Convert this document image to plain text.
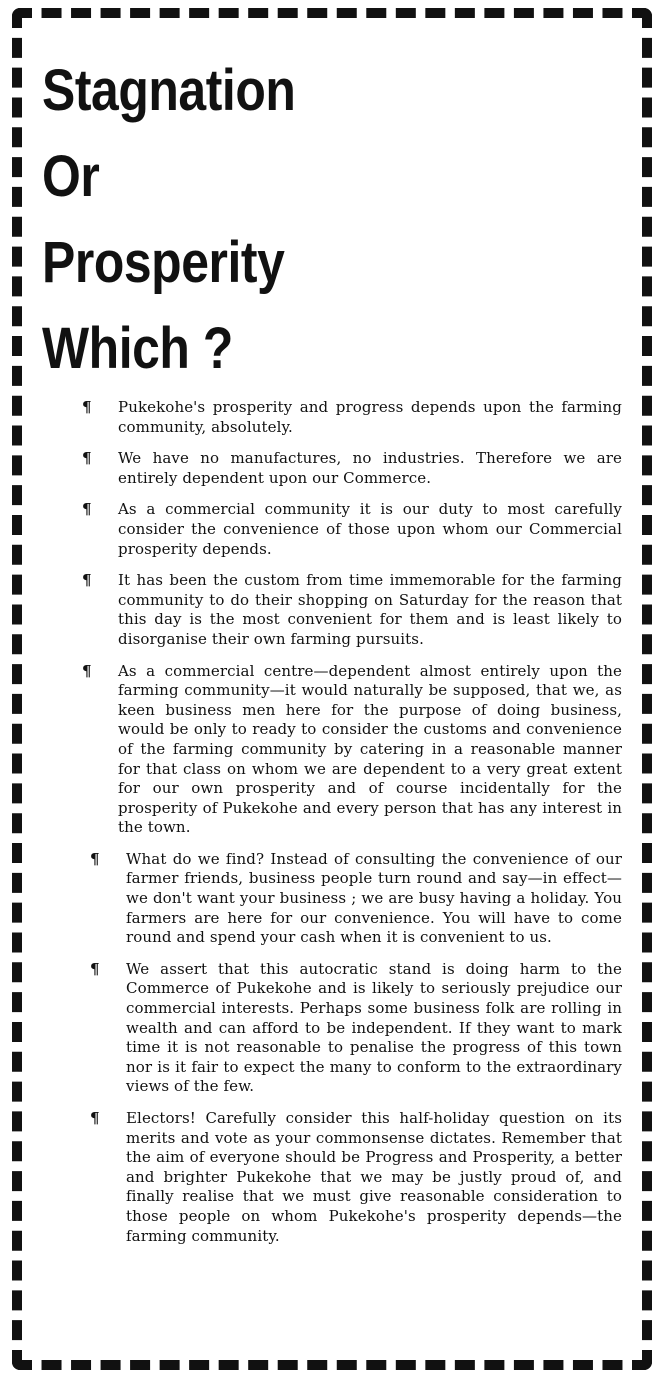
Stagnation
Or
Prosperity
Which ?
¶ Pukekohe's prosperity and progress depends upon the farming community, absolutely.
¶ We have no manufactures, no industries. Therefore we are entirely dependent upon our Commerce.
¶ As a commercial community it is our duty to most carefully consider the convenience of those upon whom our Commercial prosperity depends.
¶ It has been the custom from time immemorable for the farming community to do their shopping on Saturday for the reason that this day is the most convenient for them and is least likely to disorganise their own farming pursuits.
¶ As a commercial centre—dependent almost entirely upon the farming community—it would naturally be supposed, that we, as keen business men here for the purpose of doing business, would be only to ready to consider the customs and convenience of the farming community by catering in a reasonable manner for that class on whom we are dependent to a very great extent for our own prosperity and of course incidentally for the prosperity of Pukekohe and every person that has any interest in the town.
¶ What do we find? Instead of consulting the convenience of our farmer friends, business people turn round and say—in effect—we don't want your business ; we are busy having a holiday. You farmers are here for our convenience. You will have to come round and spend your cash when it is convenient to us.
¶ We assert that this autocratic stand is doing harm to the Commerce of Pukekohe and is likely to seriously prejudice our commercial interests. Perhaps some business folk are rolling in wealth and can afford to be independent. If they want to mark time it is not reasonable to penalise the progress of this town nor is it fair to expect the many to conform to the extraordinary views of the few.
¶ Electors! Carefully consider this half-holiday question on its merits and vote as your commonsense dictates. Remember that the aim of everyone should be Progress and Prosperity, a better and brighter Pukekohe that we may be justly proud of, and finally realise that we must give reasonable consideration to those people on whom Pukekohe's prosperity depends—the farming community.
